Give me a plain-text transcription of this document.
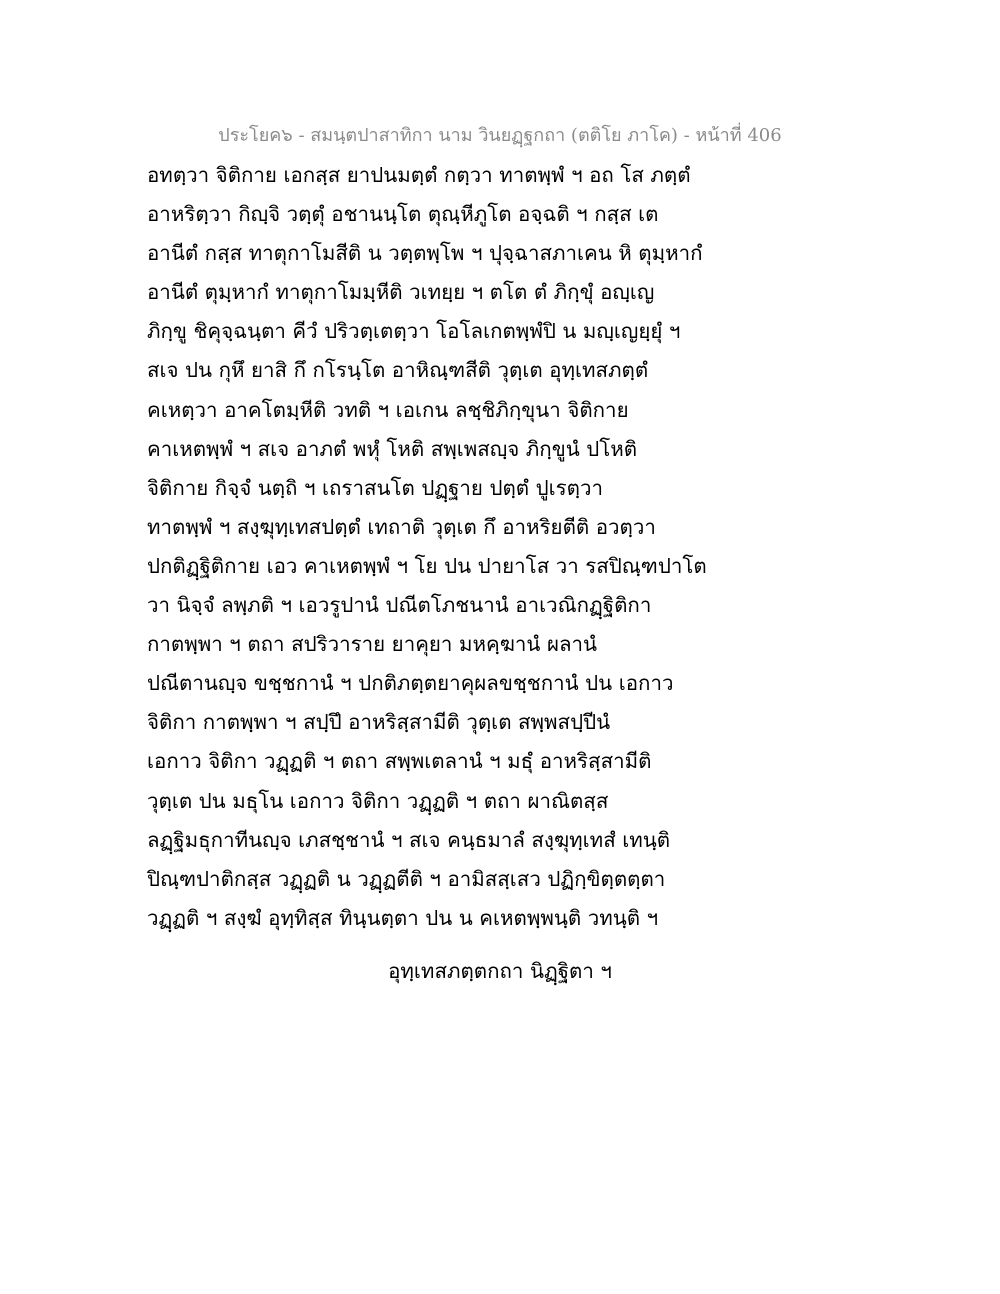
ประโยค๖ - สมนฺตปาสาทิกา นาม วินยฏฺฐกถา (ตติโย ภาโค) - หน้าที่ 406
อทตฺวา จิติกาย เอกสฺส ยาปนมตฺตํ กตฺวา ทาตพฺพํ ฯ อถ โส ภตฺตํ
อาหริตฺวา กิญฺจิ วตฺตุํ อชานนฺโต ตุณฺหีภูโต อจฺฉติ ฯ กสฺส เต
อานีตํ กสฺส ทาตุกาโมสีติ น วตฺตพฺโพ ฯ ปุจฺฉาสภาเคน หิ ตุมฺหากํ
อานีตํ ตุมฺหากํ ทาตุกาโมมฺหีติ วเทยฺย ฯ ตโต ตํ ภิกฺขุํ อญฺเญ
ภิกฺขู ชิคุจฺฉนฺตา คีวํ ปริวตฺเตตฺวา โอโลเกตพฺพํปิ น มญฺเญยฺยุํ ฯ
สเจ ปน กุหึ ยาสิ กึ กโรนฺโต อาหิณฺฑสีติ วุตฺเต อุทฺเทสภตฺตํ
คเหตฺวา อาคโตมฺหีติ วทติ ฯ เอเกน ลชฺชิภิกฺขุนา จิติกาย
คาเหตพฺพํ ฯ สเจ อาภตํ พหุํ โหติ สพฺเพสญฺจ ภิกฺขูนํ ปโหติ
จิติกาย กิจฺจํ นตฺถิ ฯ เถราสนโต ปฏฺฐาย ปตฺตํ ปูเรตฺวา
ทาตพฺพํ ฯ สงฺฆุทฺเทสปตฺตํ เทถาติ วุตฺเต กึ อาหริยตีติ อวตฺวา
ปกติฏฺฐิติกาย เอว คาเหตพฺพํ ฯ โย ปน ปายาโส วา รสปิณฺฑปาโต
วา นิจฺจํ ลพฺภติ ฯ เอวรูปานํ ปณีตโภชนานํ อาเวณิกฏฺฐิติกา
กาตพฺพา ฯ ตถา สปริวาราย ยาคุยา มหคฺฆานํ ผลานํ
ปณีตานญฺจ ขชฺชกานํ ฯ ปกติภตฺตยาคุผลขชฺชกานํ ปน เอกาว
จิติกา กาตพฺพา ฯ สปฺปึ อาหริสฺสามีติ วุตฺเต สพฺพสปฺปีนํ
เอกาว จิติกา วฏฺฏติ ฯ ตถา สพฺพเตลานํ ฯ มธุํ อาหริสฺสามีติ
วุตฺเต ปน มธุโน เอกาว จิติกา วฏฺฏติ ฯ ตถา ผาณิตสฺส
ลฏฺฐิมธุกาทีนญฺจ เภสชฺชานํ ฯ สเจ คนฺธมาลํ สงฺฆุทฺเทสํ เทนฺติ
ปิณฺฑปาติกสฺส วฏฺฏติ น วฏฺฏตีติ ฯ อามิสสฺเสว ปฏิกฺขิตฺตตฺตา
วฏฺฏติ ฯ สงฺฆํ อุทฺทิสฺส ทินฺนตฺตา ปน น คเหตพฺพนฺติ วทนฺติ ฯ
อุทฺเทสภตฺตกถา นิฏฺฐิตา ฯ
